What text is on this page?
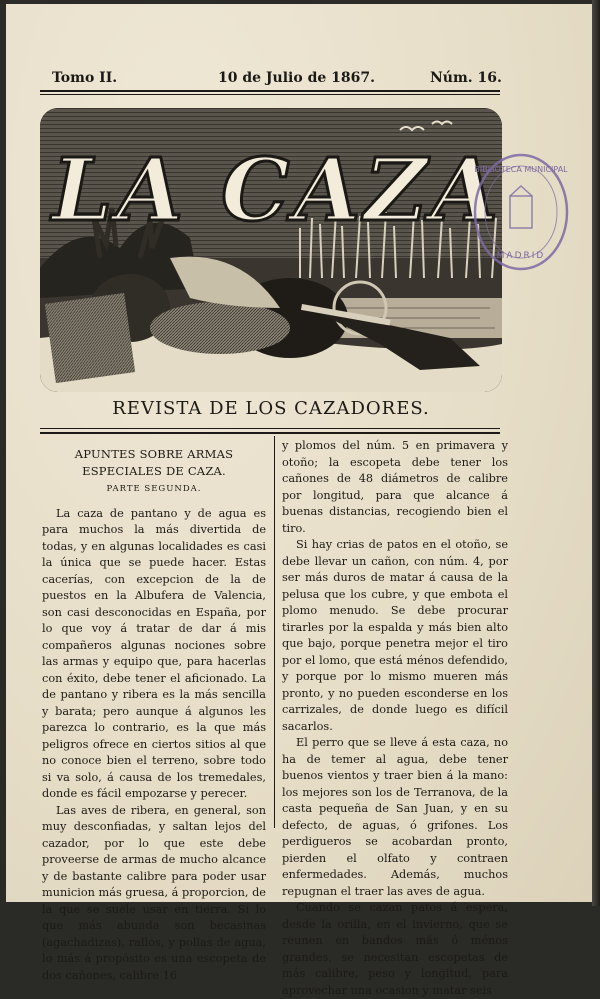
Tomo II.	10 de Julio de 1867.	Núm. 16.
LA CAZA
BIBLIOTECA MUNICIPAL
MADRID
REVISTA DE LOS CAZADORES.
APUNTES SOBRE ARMAS ESPECIALES DE CAZA.
PARTE SEGUNDA.

La caza de pantano y de agua es para muchos la más divertida de todas, y en algunas localidades es casi la única que se puede hacer. Estas cacerías, con excepcion de la de puestos en la Albufera de Valencia, son casi desconocidas en España, por lo que voy á tratar de dar á mis compañeros algunas nociones sobre las armas y equipo que, para hacerlas con éxito, debe tener el aficionado. La de pantano y ribera es la más sencilla y barata; pero aunque á algunos les parezca lo contrario, es la que más peligros ofrece en ciertos sitios al que no conoce bien el terreno, sobre todo si va solo, á causa de los tremedales, donde es fácil empozarse y perecer.

Las aves de ribera, en general, son muy desconfiadas, y saltan lejos del cazador, por lo que este debe proveerse de armas de mucho alcance y de bastante calibre para poder usar municion más gruesa, á proporcion, de la que se suele usar en tierra. Si lo que más abunda son becasinas (agachadizas), rallos, y pollas de agua, lo más á propósito es una escopeta de dos cañones, calibre 16

y plomos del núm. 5 en primavera y otoño; la escopeta debe tener los cañones de 48 diámetros de calibre por longitud, para que alcance á buenas distancias, recogiendo bien el tiro.

Si hay crias de patos en el otoño, se debe llevar un cañon, con núm. 4, por ser más duros de matar á causa de la pelusa que los cubre, y que embota el plomo menudo. Se debe procurar tirarles por la espalda y más bien alto que bajo, porque penetra mejor el tiro por el lomo, que está ménos defendido, y porque por lo mismo mueren más pronto, y no pueden esconderse en los carrizales, de donde luego es difícil sacarlos.

El perro que se lleve á esta caza, no ha de temer al agua, debe tener buenos vientos y traer bien á la mano: los mejores son los de Terranova, de la casta pequeña de San Juan, y en su defecto, de aguas, ó grifones. Los perdigueros se acobardan pronto, pierden el olfato y contraen enfermedades. Además, muchos repugnan el traer las aves de agua.

Cuando se cazan patos á espera, desde la orilla, en el invierno, que se reunen en bandos más ó ménos grandes, se necesitan escopetas de más calibre, peso y longitud, para aprovechar una ocasion y matar seis
